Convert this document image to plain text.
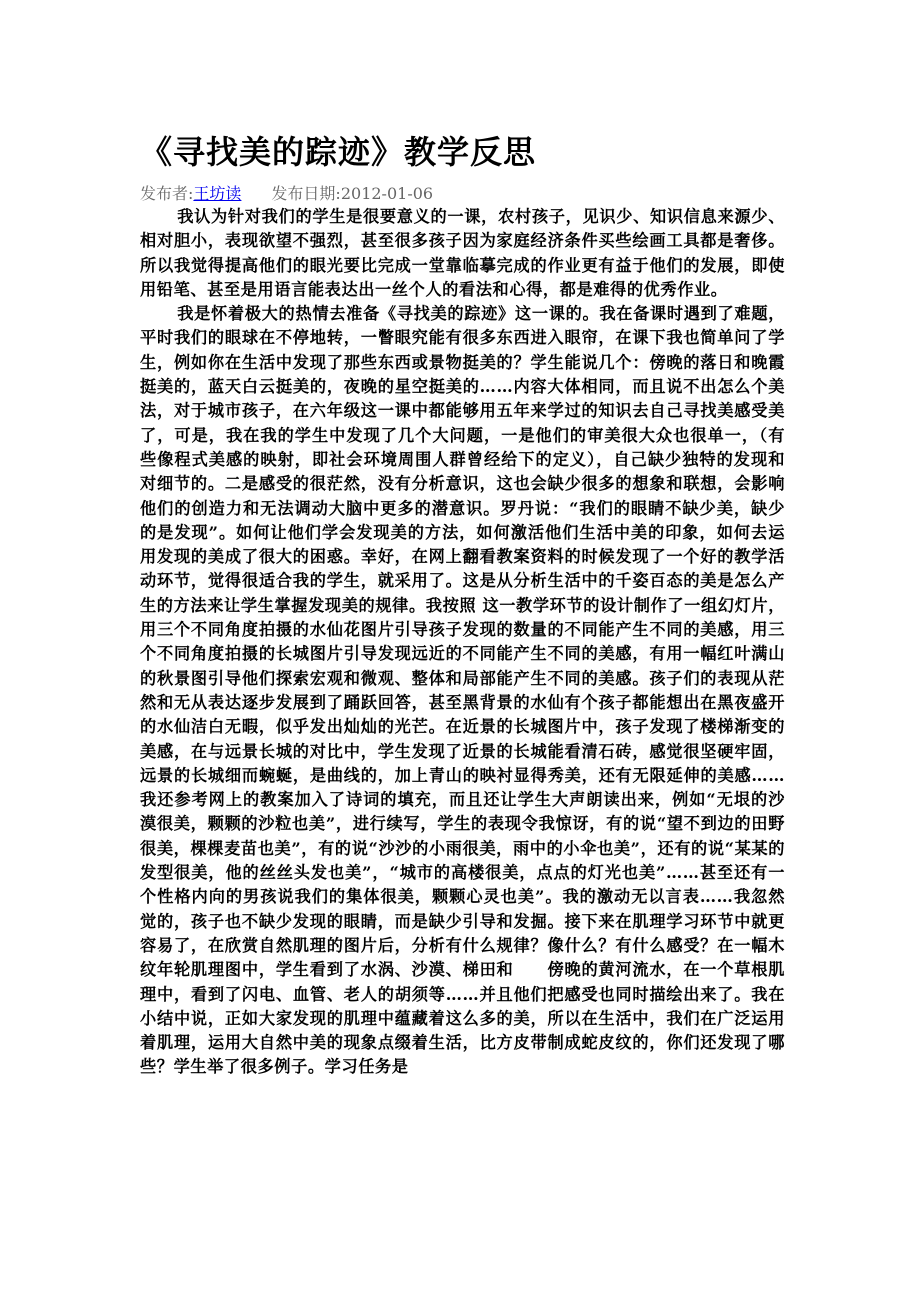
《寻找美的踪迹》教学反思
发布者:王坊读 发布日期:2012-01-06

我认为针对我们的学生是很要意义的一课，农村孩子，见识少、知识信息来源少、相对胆小，表现欲望不强烈，甚至很多孩子因为家庭经济条件买些绘画工具都是奢侈。所以我觉得提高他们的眼光要比完成一堂靠临摹完成的作业更有益于他们的发展，即使用铅笔、甚至是用语言能表达出一丝个人的看法和心得，都是难得的优秀作业。

我是怀着极大的热情去准备《寻找美的踪迹》这一课的。我在备课时遇到了难题，平时我们的眼球在不停地转，一瞥眼究能有很多东西进入眼帘，在课下我也简单问了学生，例如你在生活中发现了那些东西或景物挺美的？学生能说几个：傍晚的落日和晚霞挺美的，蓝天白云挺美的，夜晚的星空挺美的……内容大体相同，而且说不出怎么个美法，对于城市孩子，在六年级这一课中都能够用五年来学过的知识去自己寻找美感受美了，可是，我在我的学生中发现了几个大问题，一是他们的审美很大众也很单一，（有些像程式美感的映射，即社会环境周围人群曾经给下的定义），自己缺少独特的发现和对细节的。二是感受的很茫然，没有分析意识，这也会缺少很多的想象和联想，会影响他们的创造力和无法调动大脑中更多的潜意识。罗丹说：“我们的眼睛不缺少美，缺少的是发现”。如何让他们学会发现美的方法，如何激活他们生活中美的印象，如何去运用发现的美成了很大的困惑。幸好，在网上翻看教案资料的时候发现了一个好的教学活动环节，觉得很适合我的学生，就采用了。这是从分析生活中的千姿百态的美是怎么产生的方法来让学生掌握发现美的规律。我按照 这一教学环节的设计制作了一组幻灯片，用三个不同角度拍摄的水仙花图片引导孩子发现的数量的不同能产生不同的美感，用三个不同角度拍摄的长城图片引导发现远近的不同能产生不同的美感，有用一幅红叶满山的秋景图引导他们探索宏观和微观、整体和局部能产生不同的美感。孩子们的表现从茫然和无从表达逐步发展到了踊跃回答，甚至黑背景的水仙有个孩子都能想出在黑夜盛开的水仙洁白无暇，似乎发出灿灿的光芒。在近景的长城图片中，孩子发现了楼梯渐变的美感，在与远景长城的对比中，学生发现了近景的长城能看清石砖，感觉很坚硬牢固，远景的长城细而蜿蜒，是曲线的，加上青山的映衬显得秀美，还有无限延伸的美感……我还参考网上的教案加入了诗词的填充，而且还让学生大声朗读出来，例如“无垠的沙漠很美，颗颗的沙粒也美”，进行续写，学生的表现令我惊讶，有的说“望不到边的田野很美，棵棵麦苗也美”，有的说“沙沙的小雨很美，雨中的小伞也美”，还有的说“某某的发型很美，他的丝丝头发也美”，“城市的高楼很美，点点的灯光也美”……甚至还有一个性格内向的男孩说我们的集体很美，颗颗心灵也美”。我的激动无以言表……我忽然觉的，孩子也不缺少发现的眼睛，而是缺少引导和发掘。接下来在肌理学习环节中就更容易了，在欣赏自然肌理的图片后，分析有什么规律？像什么？有什么感受？在一幅木纹年轮肌理图中，学生看到了水涡、沙漠、梯田和　　傍晚的黄河流水，在一个草根肌理中，看到了闪电、血管、老人的胡须等……并且他们把感受也同时描绘出来了。我在小结中说，正如大家发现的肌理中蕴藏着这么多的美，所以在生活中，我们在广泛运用着肌理，运用大自然中美的现象点缀着生活，比方皮带制成蛇皮纹的，你们还发现了哪些？学生举了很多例子。学习任务是
